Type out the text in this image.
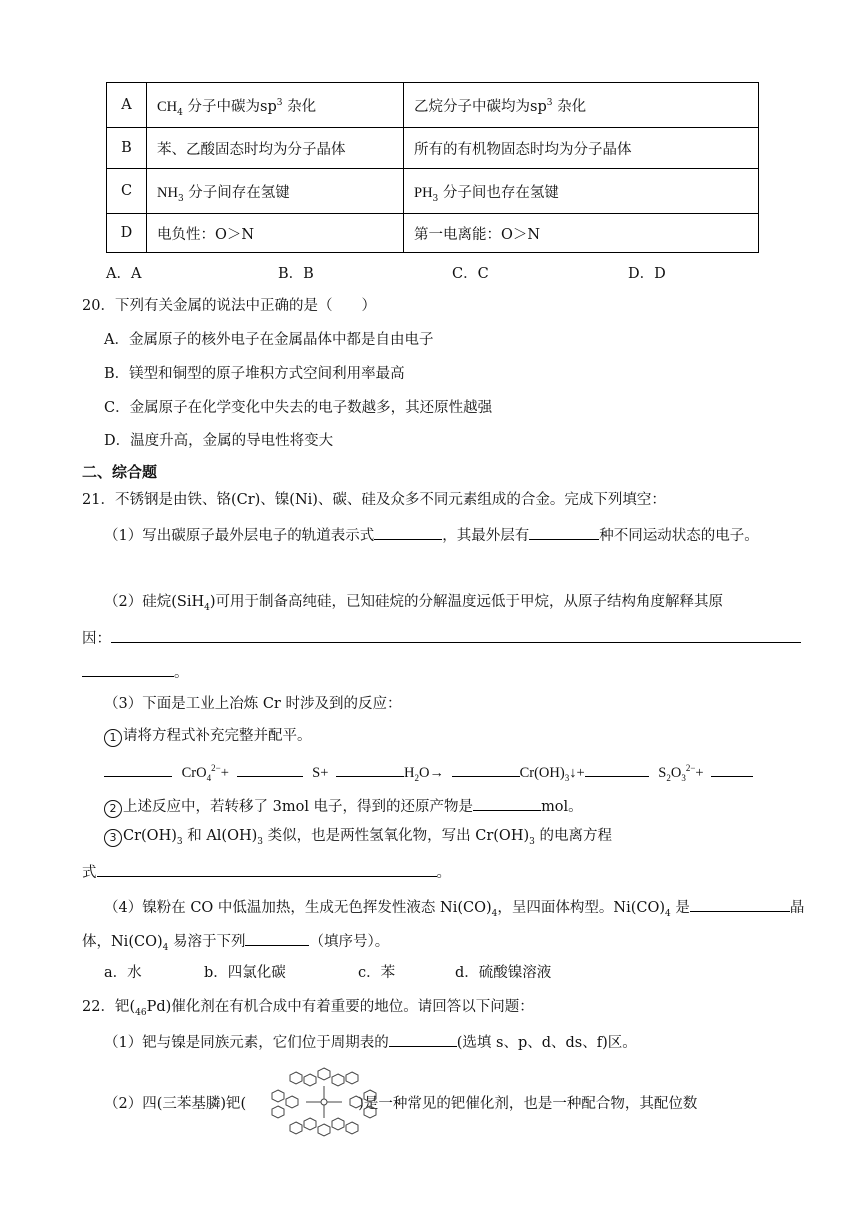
A	$CH_4$ 分子中碳为$sp^3$ 杂化	乙烷分子中碳均为$sp^3$ 杂化
B	苯、乙酸固态时均为分子晶体	所有的有机物固态时均为分子晶体
C	$NH_3$ 分子间存在氢键	$PH_3$ 分子间也存在氢键
D	电负性：O＞N	第一电离能：O＞N
A．A	B．B	C．C	D．D
20．下列有关金属的说法中正确的是（　　）
A．金属原子的核外电子在金属晶体中都是自由电子
B．镁型和铜型的原子堆积方式空间利用率最高
C．金属原子在化学变化中失去的电子数越多，其还原性越强
D．温度升高，金属的导电性将变大
二、综合题
21．不锈钢是由铁、铬(Cr)、镍(Ni)、碳、硅及众多不同元素组成的合金。完成下列填空：
（1）写出碳原子最外层电子的轨道表示式	，其最外层有	种不同运动状态的电子。
（2）硅烷(SiH$_4$)可用于制备高纯硅，已知硅烷的分解温度远低于甲烷，从原子结构角度解释其原
因：
。
（3）下面是工业上冶炼 Cr 时涉及到的反应：
1 请将方程式补充完整并配平。
CrO$_4^{2-}$+	S+	$H_2O\to$	$Cr(OH)_3↓+$	$S_2O_3^{2-}+$
2 上述反应中，若转移了 3mol 电子，得到的还原产物是	mol。
3 $Cr(OH)_3$ 和 $Al(OH)_3$ 类似，也是两性氢氧化物，写出 $Cr(OH)_3$ 的电离方程
式	。
（4）镍粉在 CO 中低温加热，生成无色挥发性液态 $Ni(CO)_4$，呈四面体构型。$Ni(CO)_4$ 是	晶
体，$Ni(CO)_4$ 易溶于下列	（填序号）。
a．水	b．四氯化碳	c．苯	d．硫酸镍溶液
22．钯$(_{46}Pd)$催化剂在有机合成中有着重要的地位。请回答以下问题：
（1）钯与镍是同族元素，它们位于周期表的	(选填 s、p、d、ds、f)区。
（2）四(三苯基膦)钯(	)是一种常见的钯催化剂，也是一种配合物，其配位数
